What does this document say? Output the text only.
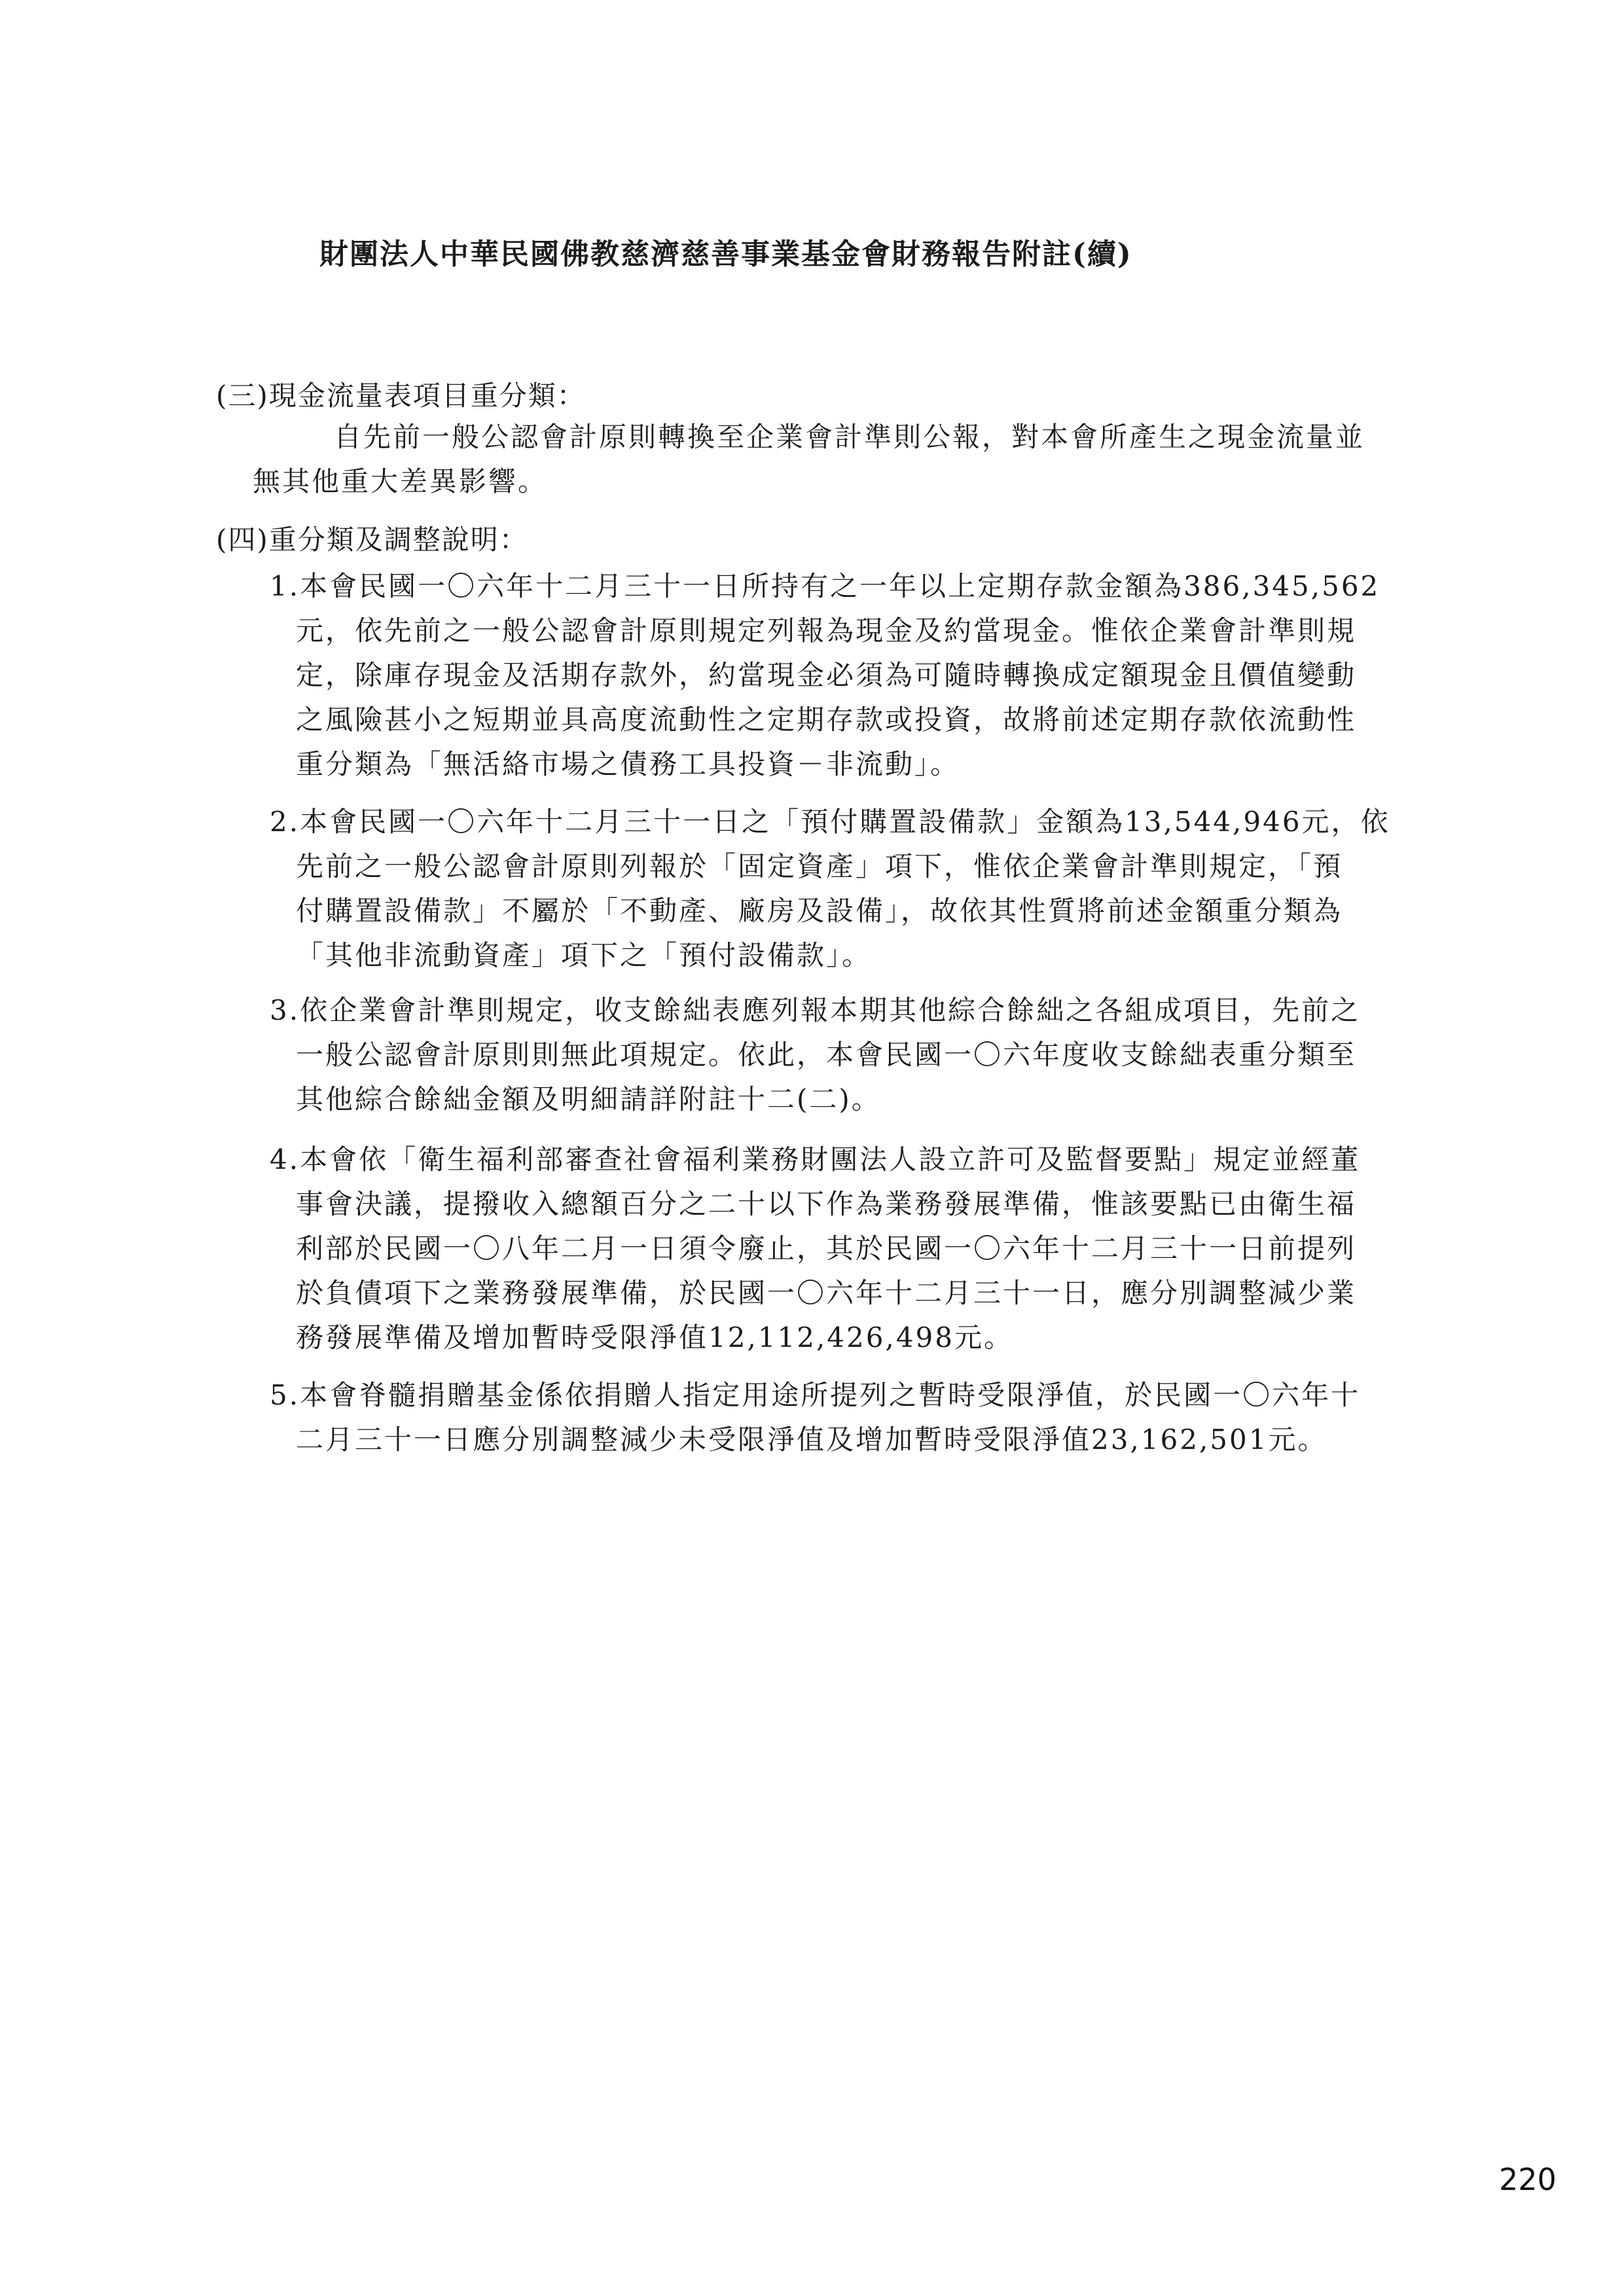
財團法人中華民國佛教慈濟慈善事業基金會財務報告附註(續)
(三)現金流量表項目重分類：
自先前一般公認會計原則轉換至企業會計準則公報，對本會所產生之現金流量並
無其他重大差異影響。
(四)重分類及調整說明：
1.本會民國一〇六年十二月三十一日所持有之一年以上定期存款金額為386,345,562
元，依先前之一般公認會計原則規定列報為現金及約當現金。惟依企業會計準則規
定，除庫存現金及活期存款外，約當現金必須為可隨時轉換成定額現金且價值變動
之風險甚小之短期並具高度流動性之定期存款或投資，故將前述定期存款依流動性
重分類為「無活絡市場之債務工具投資－非流動」。
2.本會民國一〇六年十二月三十一日之「預付購置設備款」金額為13,544,946元，依
先前之一般公認會計原則列報於「固定資產」項下，惟依企業會計準則規定，「預
付購置設備款」不屬於「不動產、廠房及設備」，故依其性質將前述金額重分類為
「其他非流動資產」項下之「預付設備款」。
3.依企業會計準則規定，收支餘絀表應列報本期其他綜合餘絀之各組成項目，先前之
一般公認會計原則則無此項規定。依此，本會民國一〇六年度收支餘絀表重分類至
其他綜合餘絀金額及明細請詳附註十二(二)。
4.本會依「衛生福利部審查社會福利業務財團法人設立許可及監督要點」規定並經董
事會決議，提撥收入總額百分之二十以下作為業務發展準備，惟該要點已由衛生福
利部於民國一〇八年二月一日須令廢止，其於民國一〇六年十二月三十一日前提列
於負債項下之業務發展準備，於民國一〇六年十二月三十一日，應分別調整減少業
務發展準備及增加暫時受限淨值12,112,426,498元。
5.本會脊髓捐贈基金係依捐贈人指定用途所提列之暫時受限淨值，於民國一〇六年十
二月三十一日應分別調整減少未受限淨值及增加暫時受限淨值23,162,501元。
220
